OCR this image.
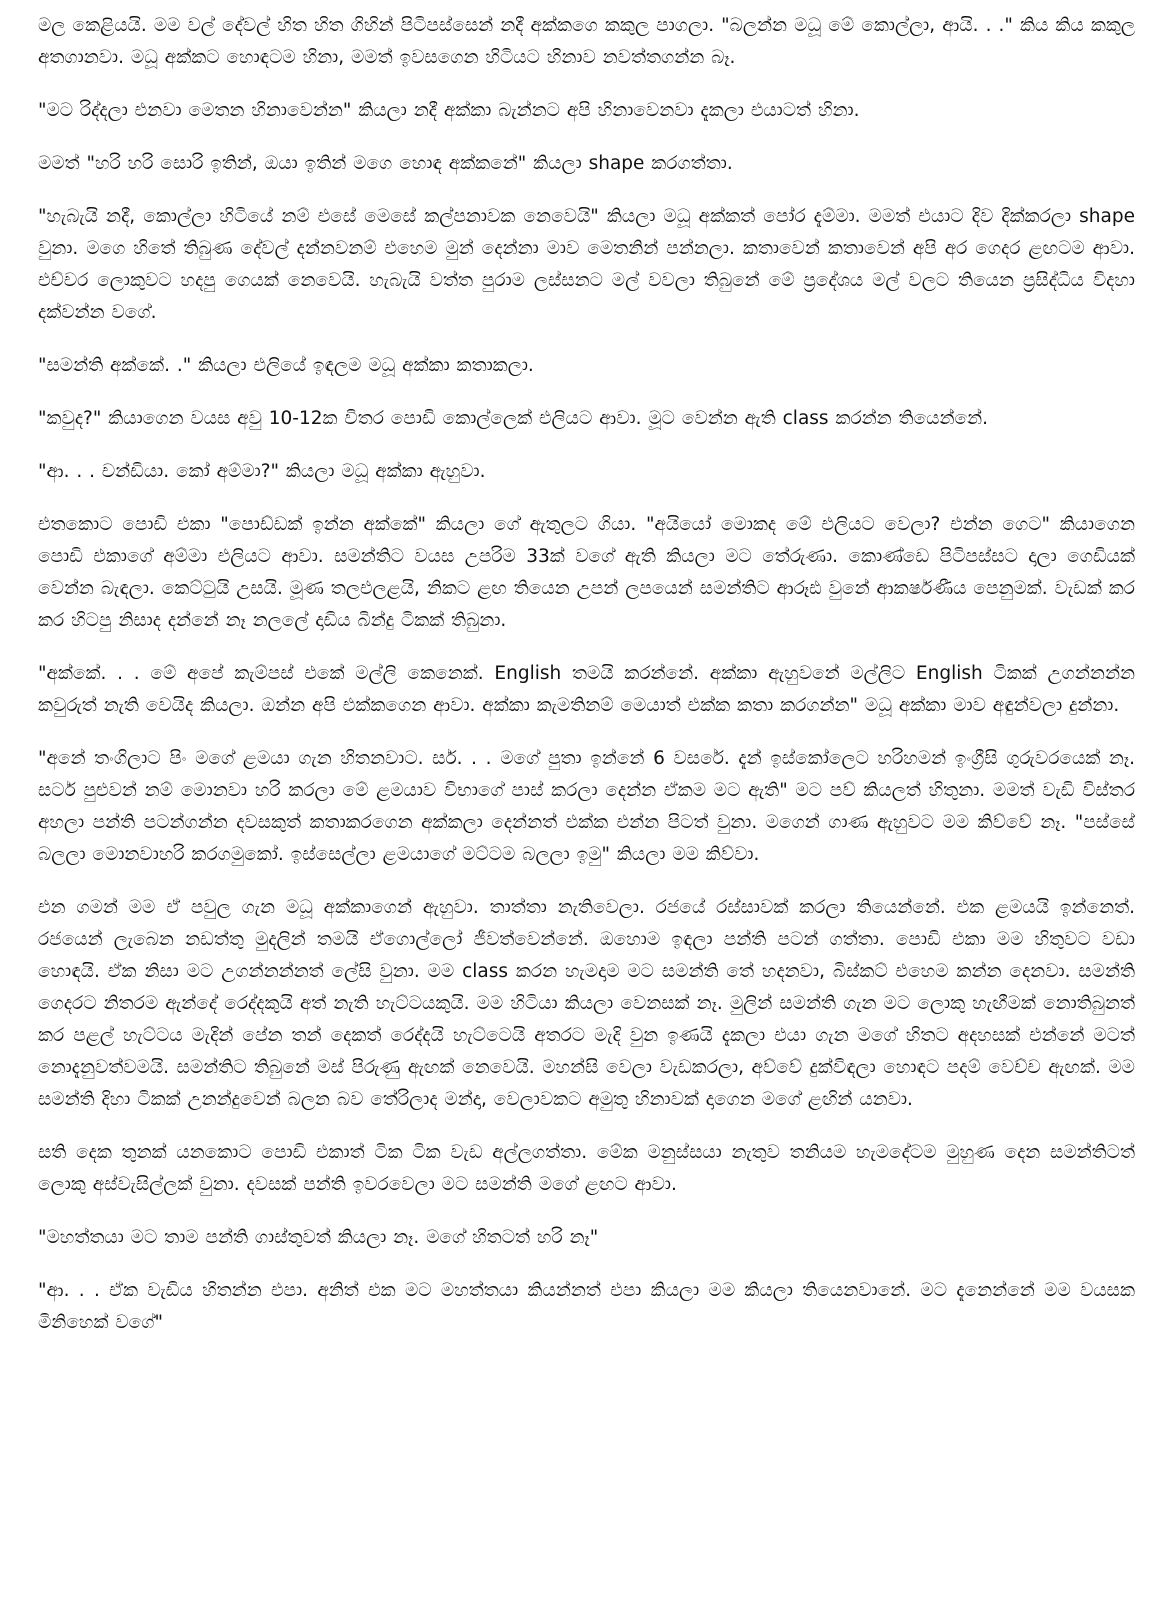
මල කෙළියයි. මම වල් දේවල් හිත හිත ගිහින් පිටිපස්සෙන් නදී අක්කගෙ කකුල පාගලා. "බලන්න මධූ මේ කොල්ලා, ආයි. . ." කිය කිය කකුල අතගානවා. මධූ අක්කට හොඳටම හිනා, මමත් ඉවසගෙන හිටියට හිනාව නවත්තගන්න බෑ.

"මට රිද්දලා එනවා මෙතන හිනාවෙන්න" කියලා නදී අක්කා බැන්නට අපි හිනාවෙනවා දැකලා එයාටත් හිනා.

මමත් "හරි හරි සොරි ඉතින්, ඔයා ඉතින් මගෙ හොඳ අක්කනේ" කියලා shape කරගත්තා.

"හැබැයි නදී, කොල්ලා හිටියේ නම් එසේ මෙසේ කල්පනාවක නෙවෙයි" කියලා මධූ අක්කත් පෝර දැම්මා. මමත් එයාට දිව දික්කරලා shape වුනා. මගෙ හිතේ තිබුණ දේවල් දන්නවනම් එහෙම මුන් දෙන්නා මාව මෙතනින් පන්නලා. කතාවෙන් කතාවෙන් අපි අර ගෙදර ළඟටම ආවා. එච්චර ලොකුවට හදපු ගෙයක් නෙවෙයි. හැබැයි වත්ත පුරාම ලස්සනට මල් වවලා තිබුනේ මේ ප්‍රදේශය මල් වලට තියෙන ප්‍රසිද්ධිය විදහා දක්වන්න වගේ.

"සමන්ති අක්කේ. ." කියලා එලියේ ඉඳලම මධූ අක්කා කතාකලා.

"කවුද?" කියාගෙන වයස අවු 10-12ක විතර පොඩි කොල්ලෙක් එලියට ආවා. මූට වෙන්න ඇති class කරන්න තියෙන්නේ.

"ආ. . . චන්ඩියා. කෝ අම්මා?" කියලා මධූ අක්කා ඇහුවා.

එතකොට පොඩි එකා "පොඩ්ඩක් ඉන්න අක්කේ" කියලා ගේ ඇතුලට ගියා. "අයියෝ මොකද මේ එලියට වෙලා? එන්න ගෙට" කියාගෙන පොඩි එකාගේ අම්මා එලියට ආවා. සමන්තිට වයස උපරිම 33ක් වගේ ඇති කියලා මට තේරුණා. කොණ්ඩෙ පිටිපස්සට දාලා ගෙඩියක් වෙන්න බැඳලා. කෙට්ටුයි උසයි. මූණ තලඑලළයි, නිකට ළඟ තියෙන උපන් ලපයෙන් සමන්තිට ආරූඪ වුනේ ආකර්ෂණීය පෙනුමක්. වැඩක් කර කර හිටපු නිසාද දන්නේ නෑ නලලේ දාඩිය බින්දු ටිකක් තිබුනා.

"අක්කේ. . . මේ අපේ කැම්පස් එකේ මල්ලි කෙනෙක්. English තමයි කරන්නේ. අක්කා ඇහුවනේ මල්ලිට English ටිකක් උගන්නන්න කවුරුත් නැති වෙයිද කියලා. ඔන්න අපි එක්කගෙන ආවා. අක්කා කැමතිනම් මෙයාත් එක්ක කතා කරගන්න" මධූ අක්කා මාව අඳුන්වලා දුන්නා.

"අනේ තංගිලාට පිං මගේ ළමයා ගැන හිතනවාට. සර්. . . මගේ පුතා ඉන්නේ 6 වසරේ. දැන් ඉස්කෝලෙට හරිහමන් ඉංග්‍රීසි ගුරුවරයෙක් නෑ. සර්ට පුළුවන් නම් මොනවා හරි කරලා මේ ළමයාව විභාගේ පාස් කරලා දෙන්න ඒකම මට ඇති" මට පව් කියලත් හිතුනා. මමත් වැඩි විස්තර අහලා පන්ති පටන්ගන්න දවසකුත් කතාකරගෙන අක්කලා දෙන්නත් එක්ක එන්න පිටත් වුනා. මගෙන් ගාණ ඇහුවට මම කිව්වේ නෑ. "පස්සේ බලලා මොනවාහරි කරගමුකෝ. ඉස්සෙල්ලා ළමයාගේ මට්ටම බලලා ඉමු" කියලා මම කිව්වා.

එන ගමන් මම ඒ පවුල ගැන මධූ අක්කාගෙන් ඇහුවා. තාත්තා නැතිවෙලා. රජයේ රස්සාවක් කරලා තියෙන්නේ. එක ළමයයි ඉන්නෙත්. රජයෙන් ලැබෙන නඩත්තු මුදලින් තමයි ඒගොල්ලෝ ජීවත්වෙන්නේ. ඔහොම ඉඳලා පන්ති පටන් ගත්තා. පොඩි එකා මම හිතුවට වඩා හොඳයි. ඒක නිසා මට උගන්නන්නත් ලේසි වුනා. මම class කරන හැමදාම මට සමන්ති තේ හදනවා, බිස්කට් එහෙම කන්න දෙනවා. සමන්ති ගෙදරට නිතරම ඇන්දේ රෙද්දකුයි අත් නැති හැට්ටයකුයි. මම හිටියා කියලා වෙනසක් නෑ. මුලින් සමන්ති ගැන මට ලොකු හැඟීමක් නොතිබුනත් කර පළල් හැට්ටය මැදින් පේන තන් දෙකත් රෙද්දයි හැට්ටෙයි අතරට මැදි වුන ඉණයි දැකලා එයා ගැන මගේ හිතට අදහසක් එන්නේ මටත් නොදැනුවත්වමයි. සමන්තිට තිබුනේ මස් පිරුණු ඇඟක් නෙවෙයි. මහන්සි වෙලා වැඩකරලා, අව්වේ දුක්විඳලා හොඳට පදම් වෙච්ච ඇඟක්. මම සමන්ති දිහා ටිකක් උනන්දුවෙන් බලන බව තේරිලාද මන්දා, වෙලාවකට අමුතු හිනාවක් දාගෙන මගේ ළඟින් යනවා.

සති දෙක තුනක් යනකොට පොඩි එකාත් ටික ටික වැඩ අල්ලගත්තා. මේක මනුස්සයා නැතුව තනියම හැමදේටම මුහුණ දෙන සමන්තිටත් ලොකු අස්වැසිල්ලක් වුනා. දවසක් පන්ති ඉවරවෙලා මට සමන්ති මගේ ළඟට ආවා.

"මහත්තයා මට තාම පන්ති ගාස්තුවත් කියලා නෑ. මගේ හිතටත් හරි නෑ"

"ආ. . . ඒක වැඩිය හිතන්න එපා. අනිත් එක මට මහත්තයා කියන්නත් එපා කියලා මම කියලා තියෙනවානේ. මට දැනෙන්නේ මම වයසක මිනිහෙක් වගේ"
